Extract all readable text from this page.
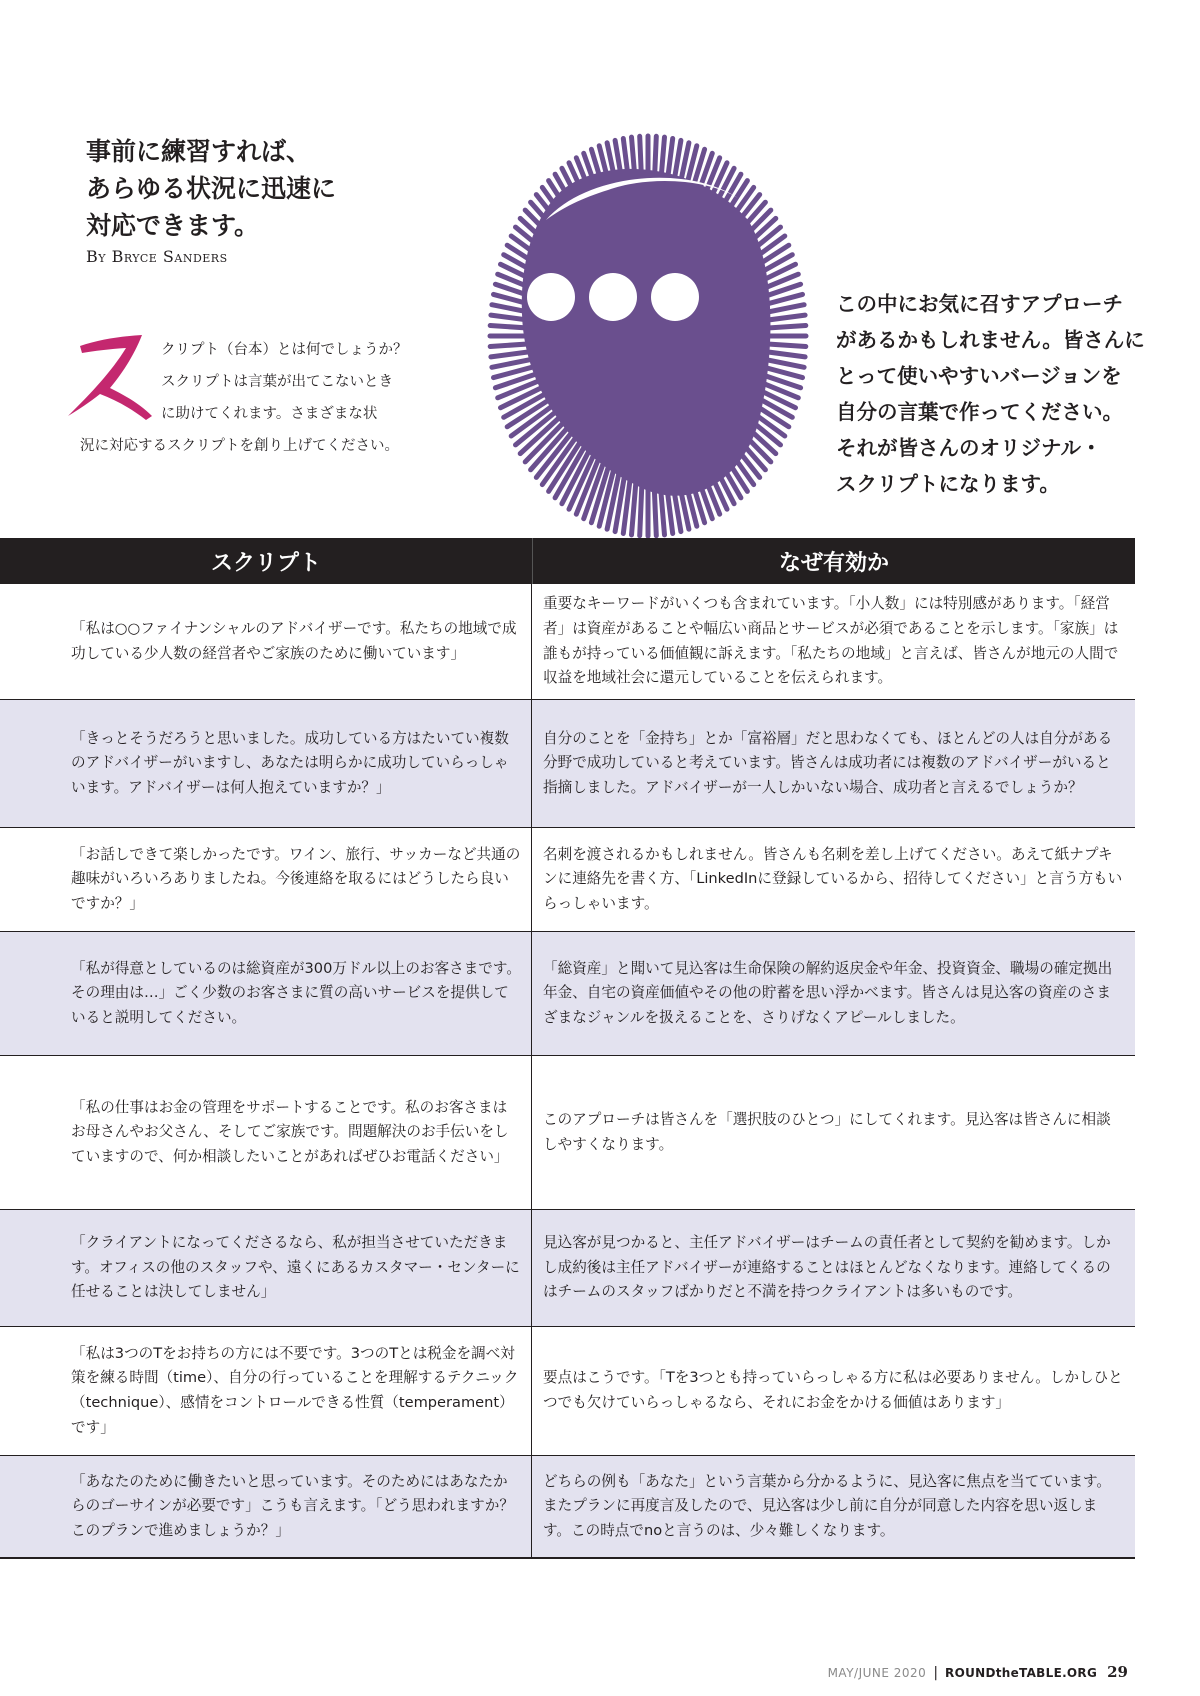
事前に練習すれば、
あらゆる状況に迅速に
対応できます。
By Bryce Sanders
クリプト（台本）とは何でしょうか？
スクリプトは言葉が出てこないとき
に助けてくれます。さまざまな状
況に対応するスクリプトを創り上げてください。
この中にお気に召すアプローチ
があるかもしれません。皆さんに
とって使いやすいバージョンを
自分の言葉で作ってください。
それが皆さんのオリジナル・
スクリプトになります。
スクリプト	なぜ有効か
「私は○○ファイナンシャルのアドバイザーです。私たちの地域で成功している少人数の経営者やご家族のために働いています」
重要なキーワードがいくつも含まれています。「小人数」には特別感があります。「経営者」は資産があることや幅広い商品とサービスが必須であることを示します。「家族」は誰もが持っている価値観に訴えます。「私たちの地域」と言えば、皆さんが地元の人間で収益を地域社会に還元していることを伝えられます。
「きっとそうだろうと思いました。成功している方はたいてい複数のアドバイザーがいますし、あなたは明らかに成功していらっしゃいます。アドバイザーは何人抱えていますか？」
自分のことを「金持ち」とか「富裕層」だと思わなくても、ほとんどの人は自分がある分野で成功していると考えています。皆さんは成功者には複数のアドバイザーがいると指摘しました。アドバイザーが一人しかいない場合、成功者と言えるでしょうか？
「お話しできて楽しかったです。ワイン、旅行、サッカーなど共通の趣味がいろいろありましたね。今後連絡を取るにはどうしたら良いですか？」
名刺を渡されるかもしれません。皆さんも名刺を差し上げてください。あえて紙ナプキンに連絡先を書く方、「LinkedInに登録しているから、招待してください」と言う方もいらっしゃいます。
「私が得意としているのは総資産が300万ドル以上のお客さまです。その理由は…」ごく少数のお客さまに質の高いサービスを提供していると説明してください。
「総資産」と聞いて見込客は生命保険の解約返戻金や年金、投資資金、職場の確定拠出年金、自宅の資産価値やその他の貯蓄を思い浮かべます。皆さんは見込客の資産のさまざまなジャンルを扱えることを、さりげなくアピールしました。
「私の仕事はお金の管理をサポートすることです。私のお客さまはお母さんやお父さん、そしてご家族です。問題解決のお手伝いをしていますので、何か相談したいことがあればぜひお電話ください」
このアプローチは皆さんを「選択肢のひとつ」にしてくれます。見込客は皆さんに相談しやすくなります。
「クライアントになってくださるなら、私が担当させていただきます。オフィスの他のスタッフや、遠くにあるカスタマー・センターに任せることは決してしません」
見込客が見つかると、主任アドバイザーはチームの責任者として契約を勧めます。しかし成約後は主任アドバイザーが連絡することはほとんどなくなります。連絡してくるのはチームのスタッフばかりだと不満を持つクライアントは多いものです。
「私は3つのTをお持ちの方には不要です。3つのTとは税金を調べ対策を練る時間（time）、自分の行っていることを理解するテクニック（technique）、感情をコントロールできる性質（temperament）です」
要点はこうです。「Tを3つとも持っていらっしゃる方に私は必要ありません。しかしひとつでも欠けていらっしゃるなら、それにお金をかける価値はあります」
「あなたのために働きたいと思っています。そのためにはあなたからのゴーサインが必要です」こうも言えます。「どう思われますか？このプランで進めましょうか？」
どちらの例も「あなた」という言葉から分かるように、見込客に焦点を当てています。またプランに再度言及したので、見込客は少し前に自分が同意した内容を思い返します。この時点でnoと言うのは、少々難しくなります。
MAY/JUNE 2020 | ROUNDtheTABLE.ORG 29
